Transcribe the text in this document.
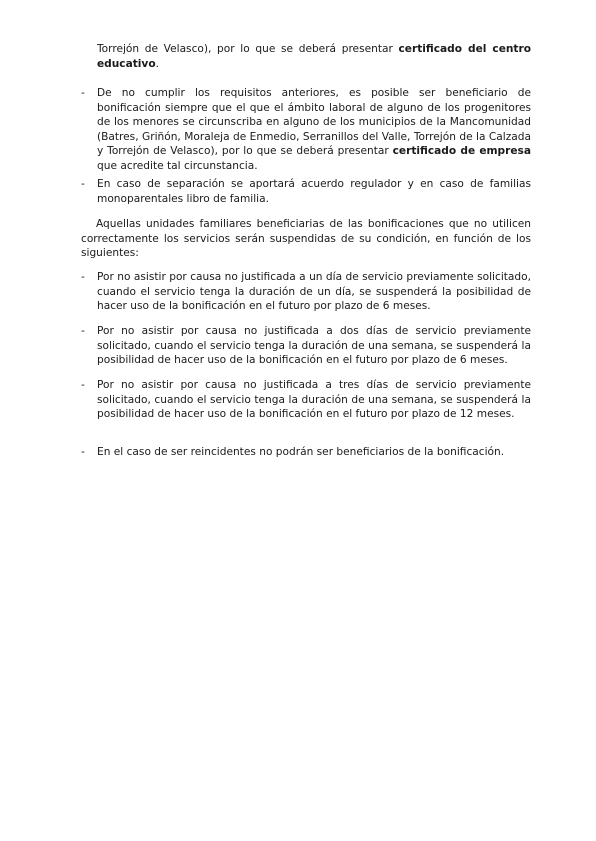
Torrejón de Velasco), por lo que se deberá presentar certificado del centro educativo.

-	De no cumplir los requisitos anteriores, es posible ser beneficiario de bonificación siempre que el que el ámbito laboral de alguno de los progenitores de los menores se circunscriba en alguno de los municipios de la Mancomunidad (Batres, Griñón, Moraleja de Enmedio, Serranillos del Valle, Torrejón de la Calzada y Torrejón de Velasco), por lo que se deberá presentar certificado de empresa que acredite tal circunstancia.

-	En caso de separación se aportará acuerdo regulador y en caso de familias monoparentales libro de familia.

Aquellas unidades familiares beneficiarias de las bonificaciones que no utilicen correctamente los servicios serán suspendidas de su condición, en función de los siguientes:

-	Por no asistir por causa no justificada a un día de servicio previamente solicitado, cuando el servicio tenga la duración de un día, se suspenderá la posibilidad de hacer uso de la bonificación en el futuro por plazo de 6 meses.

-	Por no asistir por causa no justificada a dos días de servicio previamente solicitado, cuando el servicio tenga la duración de una semana, se suspenderá la posibilidad de hacer uso de la bonificación en el futuro por plazo de 6 meses.

-	Por no asistir por causa no justificada a tres días de servicio previamente solicitado, cuando el servicio tenga la duración de una semana, se suspenderá la posibilidad de hacer uso de la bonificación en el futuro por plazo de 12 meses.

-	En el caso de ser reincidentes no podrán ser beneficiarios de la bonificación.
